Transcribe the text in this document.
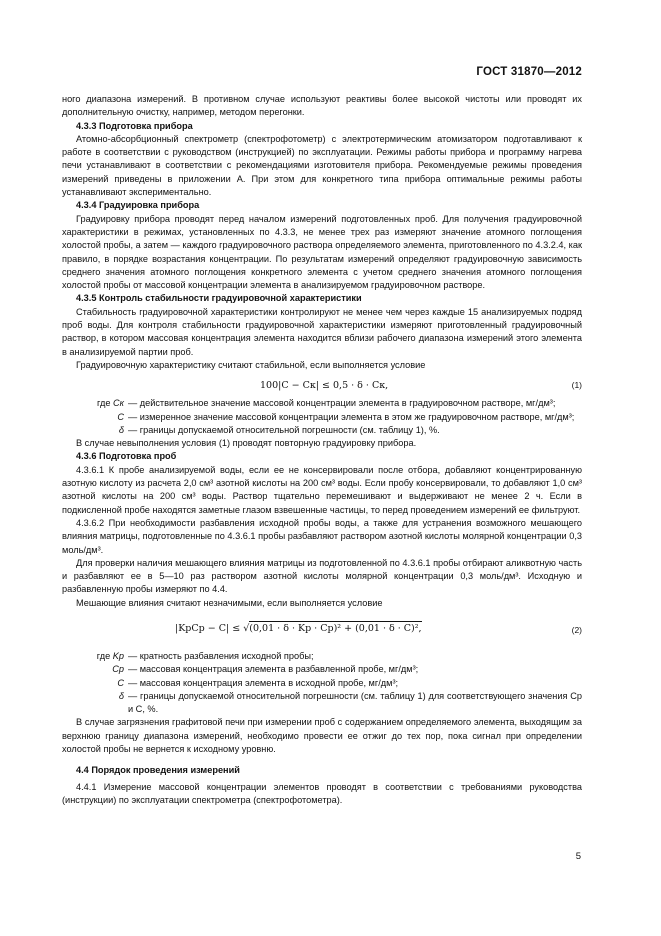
ГОСТ 31870—2012

ного диапазона измерений. В противном случае используют реактивы более высокой чистоты или проводят их дополнительную очистку, например, методом перегонки.

4.3.3 Подготовка прибора

Атомно-абсорбционный спектрометр (спектрофотометр) с электротермическим атомизатором подготавливают к работе в соответствии с руководством (инструкцией) по эксплуатации. Режимы работы прибора и программу нагрева печи устанавливают в соответствии с рекомендациями изготовителя прибора. Рекомендуемые режимы проведения измерений приведены в приложении А. При этом для конкретного типа прибора оптимальные режимы работы устанавливают экспериментально.

4.3.4 Градуировка прибора

Градуировку прибора проводят перед началом измерений подготовленных проб. Для получения градуировочной характеристики в режимах, установленных по 4.3.3, не менее трех раз измеряют значение атомного поглощения холостой пробы, а затем — каждого градуировочного раствора определяемого элемента, приготовленного по 4.3.2.4, как правило, в порядке возрастания концентрации. По результатам измерений определяют градуировочную зависимость среднего значения атомного поглощения конкретного элемента с учетом среднего значения атомного поглощения холостой пробы от массовой концентрации элемента в анализируемом градуировочном растворе.

4.3.5 Контроль стабильности градуировочной характеристики

Стабильность градуировочной характеристики контролируют не менее чем через каждые 15 анализируемых подряд проб воды. Для контроля стабильности градуировочной характеристики измеряют приготовленный градуировочный раствор, в котором массовая концентрация элемента находится вблизи рабочего диапазона измерений этого элемента в анализируемой партии проб.

Градуировочную характеристику считают стабильной, если выполняется условие

100|C − Cк| ≤ 0,5 · δ · Cк,	(1)
где Cк — действительное значение массовой концентрации элемента в градуировочном растворе, мг/дм³;
C — измеренное значение массовой концентрации элемента в этом же градуировочном растворе, мг/дм³;
δ — границы допускаемой относительной погрешности (см. таблицу 1), %.

В случае невыполнения условия (1) проводят повторную градуировку прибора.

4.3.6 Подготовка проб

4.3.6.1 К пробе анализируемой воды, если ее не консервировали после отбора, добавляют концентрированную азотную кислоту из расчета 2,0 см³ азотной кислоты на 200 см³ воды. Если пробу консервировали, то добавляют 1,0 см³ азотной кислоты на 200 см³ воды. Раствор тщательно перемешивают и выдерживают не менее 2 ч. Если в подкисленной пробе находятся заметные глазом взвешенные частицы, то перед проведением измерений ее фильтруют.

4.3.6.2 При необходимости разбавления исходной пробы воды, а также для устранения возможного мешающего влияния матрицы, подготовленные по 4.3.6.1 пробы разбавляют раствором азотной кислоты молярной концентрации 0,3 моль/дм³.

Для проверки наличия мешающего влияния матрицы из подготовленной по 4.3.6.1 пробы отбирают аликвотную часть и разбавляют ее в 5—10 раз раствором азотной кислоты молярной концентрации 0,3 моль/дм³. Исходную и разбавленную пробы измеряют по 4.4.

Мешающие влияния считают незначимыми, если выполняется условие

|KрCр − C| ≤ √(0,01 · δ · Kр · Cр)² + (0,01 · δ · C)²,	(2)
где Kр — кратность разбавления исходной пробы;
Cр — массовая концентрация элемента в разбавленной пробе, мг/дм³;
C — массовая концентрация элемента в исходной пробе, мг/дм³;
δ — границы допускаемой относительной погрешности (см. таблицу 1) для соответствующего значения Cр и C, %.

В случае загрязнения графитовой печи при измерении проб с содержанием определяемого элемента, выходящим за верхнюю границу диапазона измерений, необходимо провести ее отжиг до тех пор, пока сигнал при определении холостой пробы не вернется к исходному уровню.

4.4 Порядок проведения измерений

4.4.1 Измерение массовой концентрации элементов проводят в соответствии с требованиями руководства (инструкции) по эксплуатации спектрометра (спектрофотометра).

5
